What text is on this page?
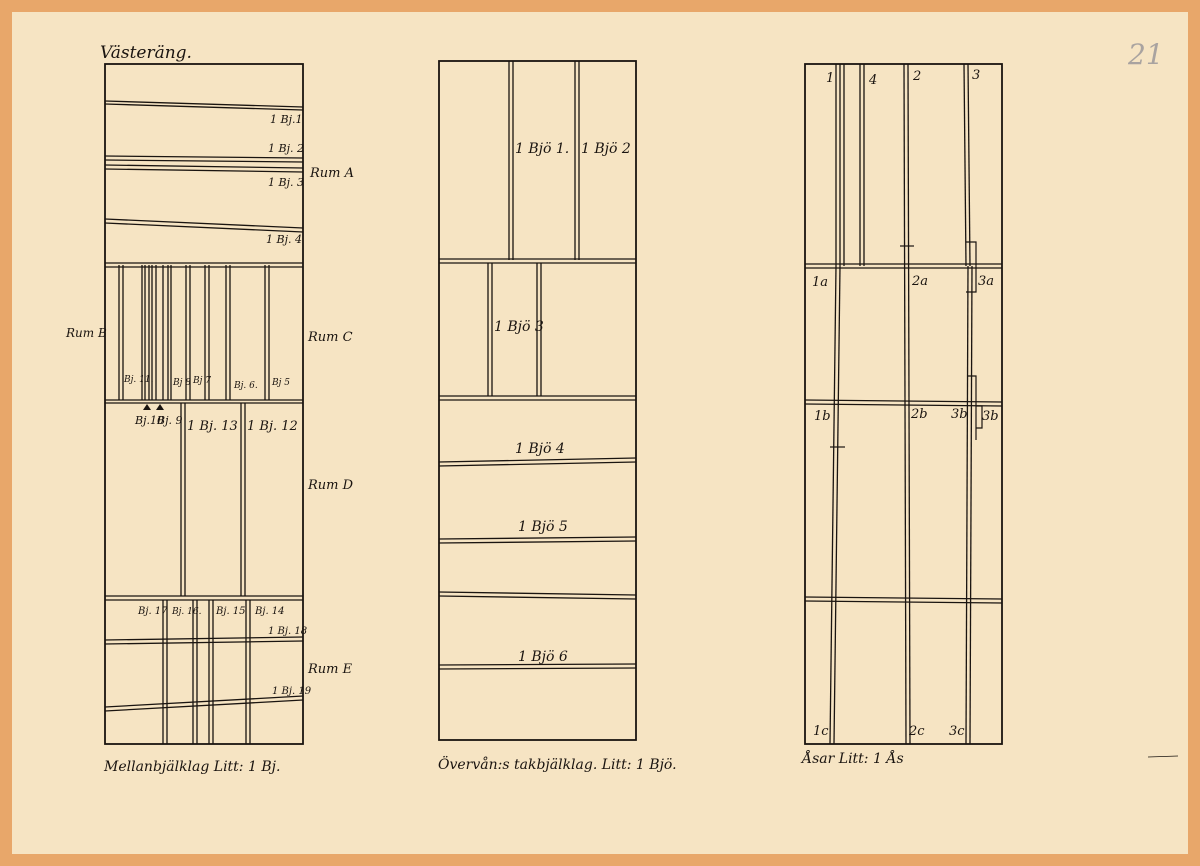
Västeräng.	21
1 Bj.1
1 Bj. 2
1 Bj. 3
1 Bj. 4
Rum A
Rum B	Rum C
Bj. 11. Bj 8 Bj 7	Bj. 6. Bj 5
Bj.10
Bj. 9 1 Bj. 13 1 Bj. 12
Rum D
Bj. 17 Bj. 16. Bj. 15 Bj. 14
1 Bj. 18
Rum E
1 Bj. 19
Mellanbjälklag Litt: 1 Bj.
1 Bjö 1. 1 Bjö 2
1 Bjö 3
1 Bjö 4
1 Bjö 5
1 Bjö 6
Övervån:s takbjälklag. Litt: 1 Bjö.
1	4	2	3
1a	2a	3a
1b	2b 3b 3b
1c	2c 3c
Åsar Litt: 1 Ås
